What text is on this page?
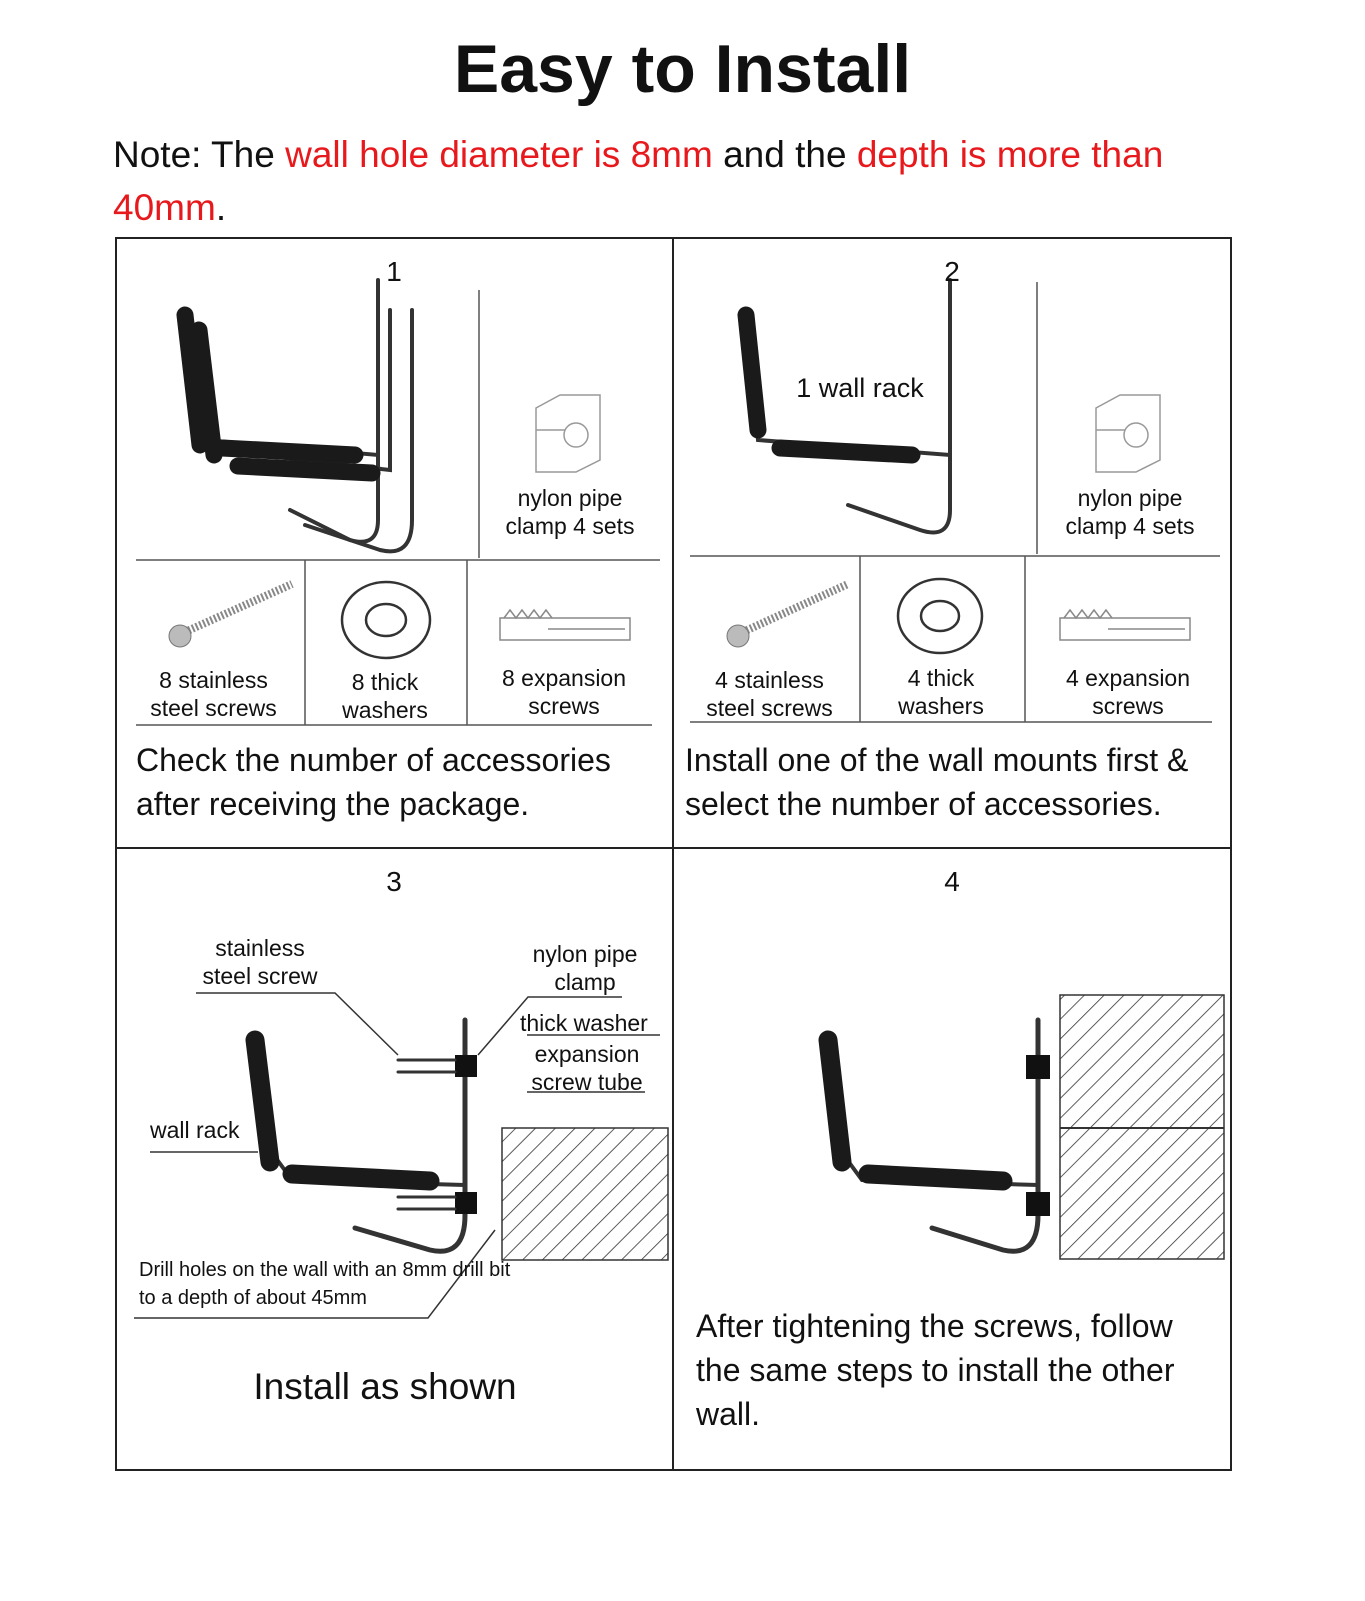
Easy to Install
Note: The wall hole diameter is 8mm and the depth is more than 40mm.
1
nylon pipe clamp 4 sets
8 stainless steel screws
8 thick washers
8 expansion screws
Check the number of accessories after receiving the package.
2
1 wall rack
nylon pipe clamp 4 sets
4 stainless steel screws
4 thick washers
4 expansion screws
Install one of the wall mounts first & select the number of accessories.
3
stainless steel screw
nylon pipe clamp
thick washer
expansion screw tube
wall rack
Drill holes on the wall with an 8mm drill bit
to a depth of about 45mm
Install as shown
4
After tightening the screws, follow the same steps to install the other wall.
